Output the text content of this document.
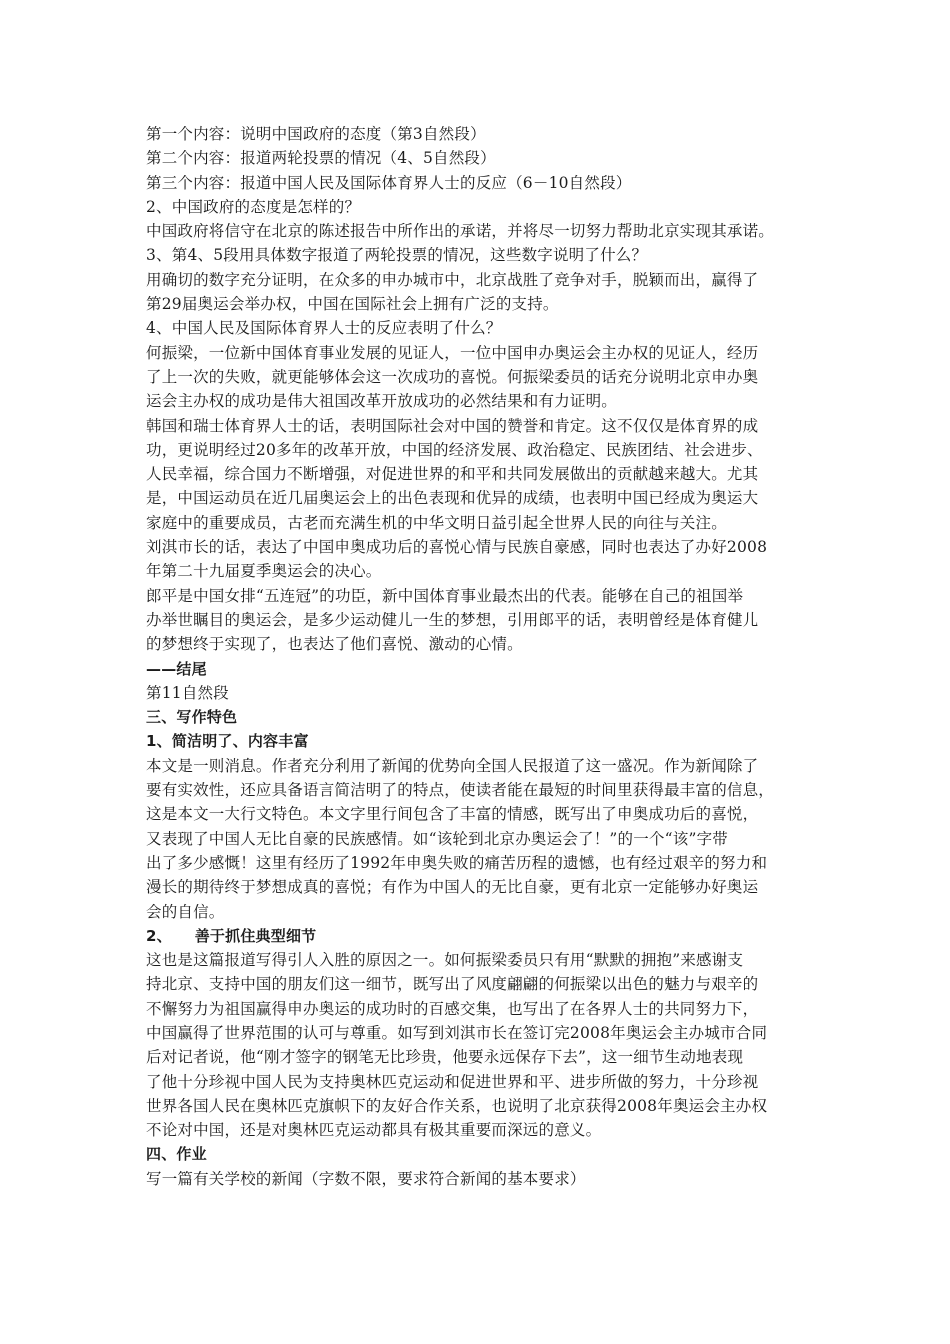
第一个内容：说明中国政府的态度（第3自然段）
第二个内容：报道两轮投票的情况（4、5自然段）
第三个内容：报道中国人民及国际体育界人士的反应（6－10自然段）
2、中国政府的态度是怎样的？
中国政府将信守在北京的陈述报告中所作出的承诺，并将尽一切努力帮助北京实现其承诺。
3、第4、5段用具体数字报道了两轮投票的情况，这些数字说明了什么？
用确切的数字充分证明，在众多的申办城市中，北京战胜了竞争对手，脱颖而出，赢得了
第29届奥运会举办权，中国在国际社会上拥有广泛的支持。
4、中国人民及国际体育界人士的反应表明了什么？
何振梁，一位新中国体育事业发展的见证人，一位中国申办奥运会主办权的见证人，经历
了上一次的失败，就更能够体会这一次成功的喜悦。何振梁委员的话充分说明北京申办奥
运会主办权的成功是伟大祖国改革开放成功的必然结果和有力证明。
韩国和瑞士体育界人士的话，表明国际社会对中国的赞誉和肯定。这不仅仅是体育界的成
功，更说明经过20多年的改革开放，中国的经济发展、政治稳定、民族团结、社会进步、
人民幸福，综合国力不断增强，对促进世界的和平和共同发展做出的贡献越来越大。尤其
是，中国运动员在近几届奥运会上的出色表现和优异的成绩，也表明中国已经成为奥运大
家庭中的重要成员，古老而充满生机的中华文明日益引起全世界人民的向往与关注。
刘淇市长的话，表达了中国申奥成功后的喜悦心情与民族自豪感，同时也表达了办好2008
年第二十九届夏季奥运会的决心。
郎平是中国女排“五连冠”的功臣，新中国体育事业最杰出的代表。能够在自己的祖国举
办举世瞩目的奥运会，是多少运动健儿一生的梦想，引用郎平的话，表明曾经是体育健儿
的梦想终于实现了，也表达了他们喜悦、激动的心情。
——结尾
第11自然段
三、写作特色
1、简洁明了、内容丰富
本文是一则消息。作者充分利用了新闻的优势向全国人民报道了这一盛况。作为新闻除了
要有实效性，还应具备语言简洁明了的特点，使读者能在最短的时间里获得最丰富的信息，
这是本文一大行文特色。本文字里行间包含了丰富的情感，既写出了申奥成功后的喜悦，
又表现了中国人无比自豪的民族感情。如“该轮到北京办奥运会了！”的一个“该”字带
出了多少感慨！这里有经历了1992年申奥失败的痛苦历程的遗憾，也有经过艰辛的努力和
漫长的期待终于梦想成真的喜悦；有作为中国人的无比自豪，更有北京一定能够办好奥运
会的自信。
2、　　善于抓住典型细节
这也是这篇报道写得引人入胜的原因之一。如何振梁委员只有用“默默的拥抱”来感谢支
持北京、支持中国的朋友们这一细节，既写出了风度翩翩的何振梁以出色的魅力与艰辛的
不懈努力为祖国赢得申办奥运的成功时的百感交集，也写出了在各界人士的共同努力下，
中国赢得了世界范围的认可与尊重。如写到刘淇市长在签订完2008年奥运会主办城市合同
后对记者说，他“刚才签字的钢笔无比珍贵，他要永远保存下去”，这一细节生动地表现
了他十分珍视中国人民为支持奥林匹克运动和促进世界和平、进步所做的努力，十分珍视
世界各国人民在奥林匹克旗帜下的友好合作关系，也说明了北京获得2008年奥运会主办权
不论对中国，还是对奥林匹克运动都具有极其重要而深远的意义。
四、作业
写一篇有关学校的新闻（字数不限，要求符合新闻的基本要求）
